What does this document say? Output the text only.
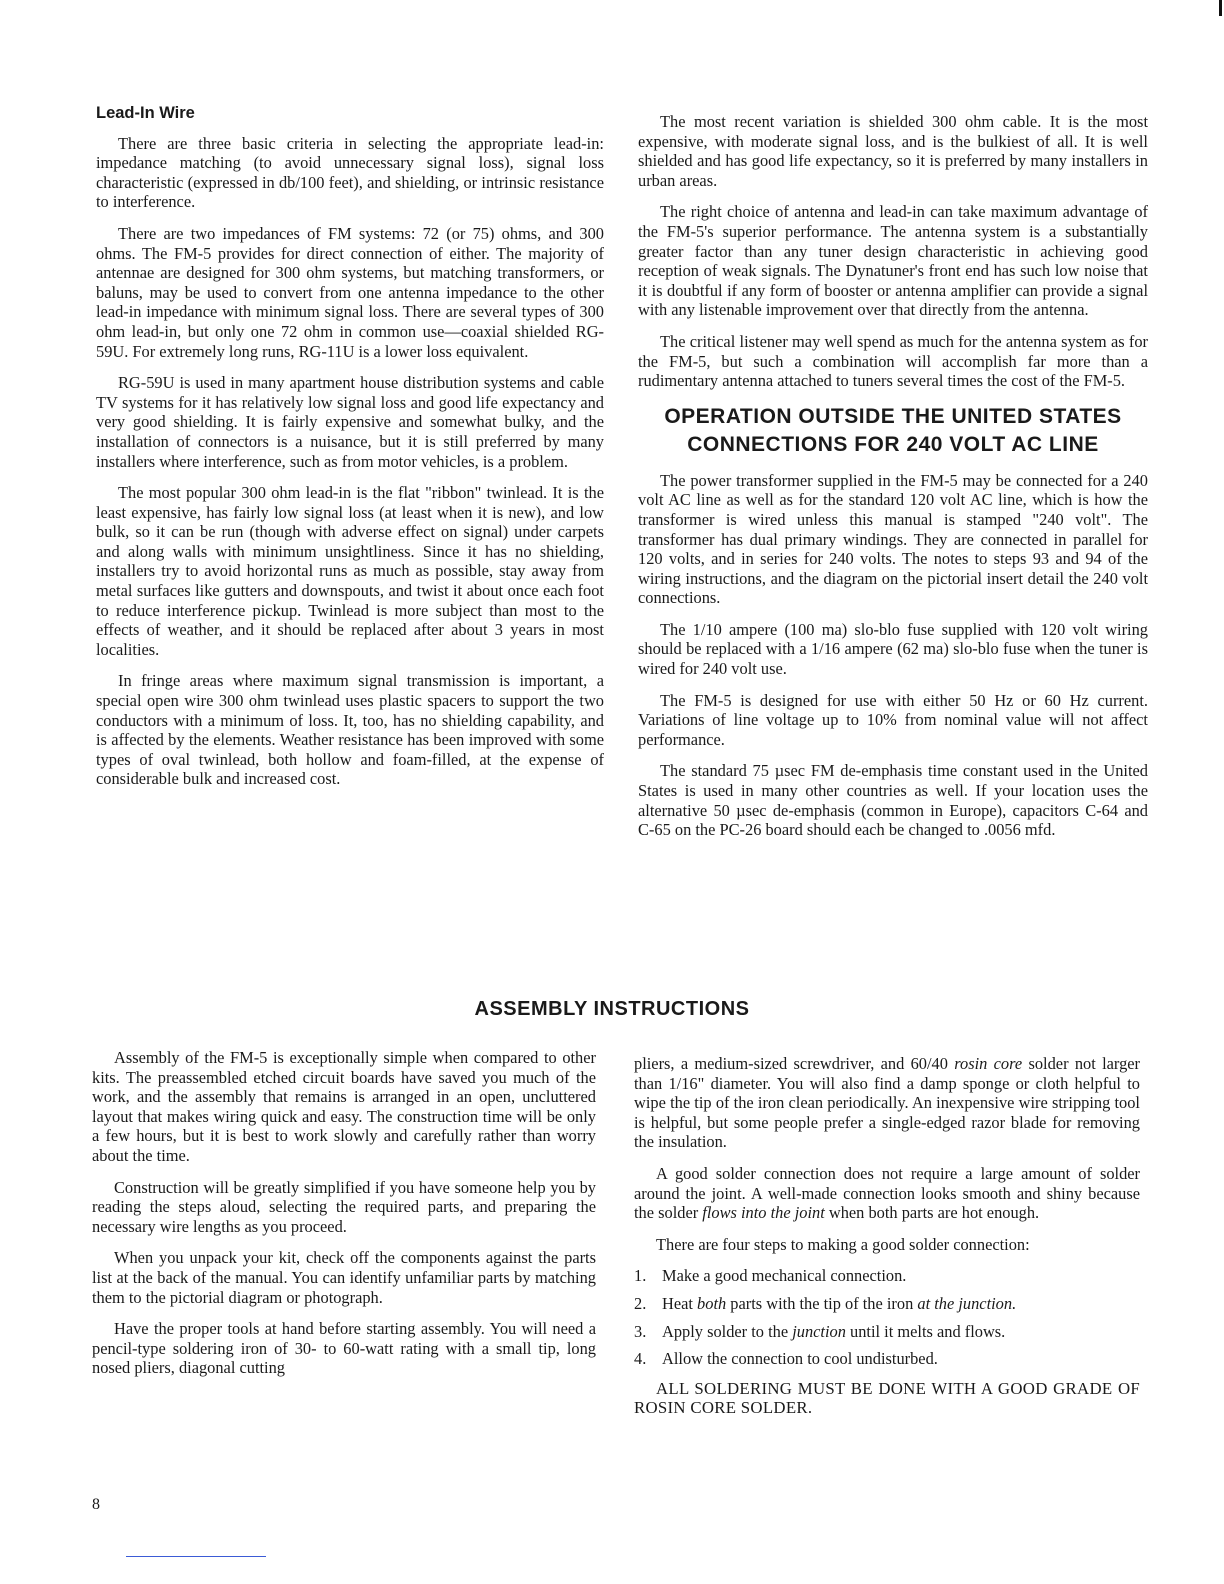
Lead-In Wire

There are three basic criteria in selecting the appropriate lead-in: impedance matching (to avoid unnecessary signal loss), signal loss characteristic (expressed in db/100 feet), and shielding, or intrinsic resistance to interference.

There are two impedances of FM systems: 72 (or 75) ohms, and 300 ohms. The FM-5 provides for direct connection of either. The majority of antennae are designed for 300 ohm systems, but matching transformers, or baluns, may be used to convert from one antenna impedance to the other lead-in impedance with minimum signal loss. There are several types of 300 ohm lead-in, but only one 72 ohm in common use—coaxial shielded RG-59U. For extremely long runs, RG-11U is a lower loss equivalent.

RG-59U is used in many apartment house distribution systems and cable TV systems for it has relatively low signal loss and good life expectancy and very good shielding. It is fairly expensive and somewhat bulky, and the installation of connectors is a nuisance, but it is still preferred by many installers where interference, such as from motor vehicles, is a problem.

The most popular 300 ohm lead-in is the flat "ribbon" twinlead. It is the least expensive, has fairly low signal loss (at least when it is new), and low bulk, so it can be run (though with adverse effect on signal) under carpets and along walls with minimum unsightliness. Since it has no shielding, installers try to avoid horizontal runs as much as possible, stay away from metal surfaces like gutters and downspouts, and twist it about once each foot to reduce interference pickup. Twinlead is more subject than most to the effects of weather, and it should be replaced after about 3 years in most localities.

In fringe areas where maximum signal transmission is important, a special open wire 300 ohm twinlead uses plastic spacers to support the two conductors with a minimum of loss. It, too, has no shielding capability, and is affected by the elements. Weather resistance has been improved with some types of oval twinlead, both hollow and foam-filled, at the expense of considerable bulk and increased cost.

The most recent variation is shielded 300 ohm cable. It is the most expensive, with moderate signal loss, and is the bulkiest of all. It is well shielded and has good life expectancy, so it is preferred by many installers in urban areas.

The right choice of antenna and lead-in can take maximum advantage of the FM-5's superior performance. The antenna system is a substantially greater factor than any tuner design characteristic in achieving good reception of weak signals. The Dynatuner's front end has such low noise that it is doubtful if any form of booster or antenna amplifier can provide a signal with any listenable improvement over that directly from the antenna.

The critical listener may well spend as much for the antenna system as for the FM-5, but such a combination will accomplish far more than a rudimentary antenna attached to tuners several times the cost of the FM-5.

OPERATION OUTSIDE THE UNITED STATES
CONNECTIONS FOR 240 VOLT AC LINE

The power transformer supplied in the FM-5 may be connected for a 240 volt AC line as well as for the standard 120 volt AC line, which is how the transformer is wired unless this manual is stamped "240 volt". The transformer has dual primary windings. They are connected in parallel for 120 volts, and in series for 240 volts. The notes to steps 93 and 94 of the wiring instructions, and the diagram on the pictorial insert detail the 240 volt connections.

The 1/10 ampere (100 ma) slo-blo fuse supplied with 120 volt wiring should be replaced with a 1/16 ampere (62 ma) slo-blo fuse when the tuner is wired for 240 volt use.

The FM-5 is designed for use with either 50 Hz or 60 Hz current. Variations of line voltage up to 10% from nominal value will not affect performance.

The standard 75 µsec FM de-emphasis time constant used in the United States is used in many other countries as well. If your location uses the alternative 50 µsec de-emphasis (common in Europe), capacitors C-64 and C-65 on the PC-26 board should each be changed to .0056 mfd.

ASSEMBLY INSTRUCTIONS

Assembly of the FM-5 is exceptionally simple when compared to other kits. The preassembled etched circuit boards have saved you much of the work, and the assembly that remains is arranged in an open, uncluttered layout that makes wiring quick and easy. The construction time will be only a few hours, but it is best to work slowly and carefully rather than worry about the time.

Construction will be greatly simplified if you have someone help you by reading the steps aloud, selecting the required parts, and preparing the necessary wire lengths as you proceed.

When you unpack your kit, check off the components against the parts list at the back of the manual. You can identify unfamiliar parts by matching them to the pictorial diagram or photograph.

Have the proper tools at hand before starting assembly. You will need a pencil-type soldering iron of 30- to 60-watt rating with a small tip, long nosed pliers, diagonal cutting

pliers, a medium-sized screwdriver, and 60/40 rosin core solder not larger than 1/16" diameter. You will also find a damp sponge or cloth helpful to wipe the tip of the iron clean periodically. An inexpensive wire stripping tool is helpful, but some people prefer a single-edged razor blade for removing the insulation.

A good solder connection does not require a large amount of solder around the joint. A well-made connection looks smooth and shiny because the solder flows into the joint when both parts are hot enough.

There are four steps to making a good solder connection:

1. Make a good mechanical connection.
2. Heat both parts with the tip of the iron at the junction.
3. Apply solder to the junction until it melts and flows.
4. Allow the connection to cool undisturbed.

ALL SOLDERING MUST BE DONE WITH A GOOD GRADE OF ROSIN CORE SOLDER.

8
